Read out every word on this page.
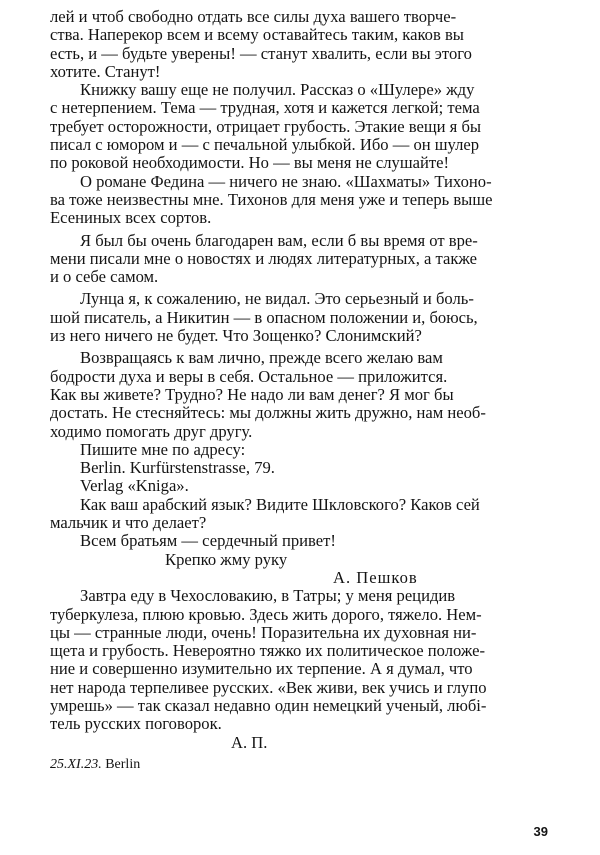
лей и чтоб свободно отдать все силы духа вашего творче-
ства. Наперекор всем и всему оставайтесь таким, каков вы
есть, и — будьте уверены! — станут хвалить, если вы этого
хотите. Станут!
Книжку вашу еще не получил. Рассказ о «Шулере» жду
с нетерпением. Тема — трудная, хотя и кажется легкой; тема
требует осторожности, отрицает грубость. Этакие вещи я бы
писал с юмором и — с печальной улыбкой. Ибо — он шулер
по роковой необходимости. Но — вы меня не слушайте!
О романе Федина — ничего не знаю. «Шахматы» Тихоно-
ва тоже неизвестны мне. Тихонов для меня уже и теперь выше
Есениных всех сортов.
Я был бы очень благодарен вам, если б вы время от вре-
мени писали мне о новостях и людях литературных, а также
и о себе самом.
Лунца я, к сожалению, не видал. Это серьезный и боль-
шой писатель, а Никитин — в опасном положении и, боюсь,
из него ничего не будет. Что Зощенко? Слонимский?
Возвращаясь к вам лично, прежде всего желаю вам
бодрости духа и веры в себя. Остальное — приложится.
Как вы живете? Трудно? Не надо ли вам денег? Я мог бы
достать. Не стесняйтесь: мы должны жить дружно, нам необ-
ходимо помогать друг другу.
Пишите мне по адресу:
Berlin. Kurfürstenstrasse, 79.
Verlag «Kniga».
Как ваш арабский язык? Видите Шкловского? Каков сей
мальчик и что делает?
Всем братьям — сердечный привет!
Крепко жму руку
А. Пешков
Завтра еду в Чехословакию, в Татры; у меня рецидив
туберкулеза, плюю кровью. Здесь жить дорого, тяжело. Нем-
цы — странные люди, очень! Поразительна их духовная ни-
щета и грубость. Невероятно тяжко их политическое положе-
ние и совершенно изумительно их терпение. А я думал, что
нет народа терпеливее русских. «Век живи, век учись и глупо
умрешь» — так сказал недавно один немецкий ученый, любі-
тель русских поговорок.
А. П.
25.XI.23. Berlin
39
